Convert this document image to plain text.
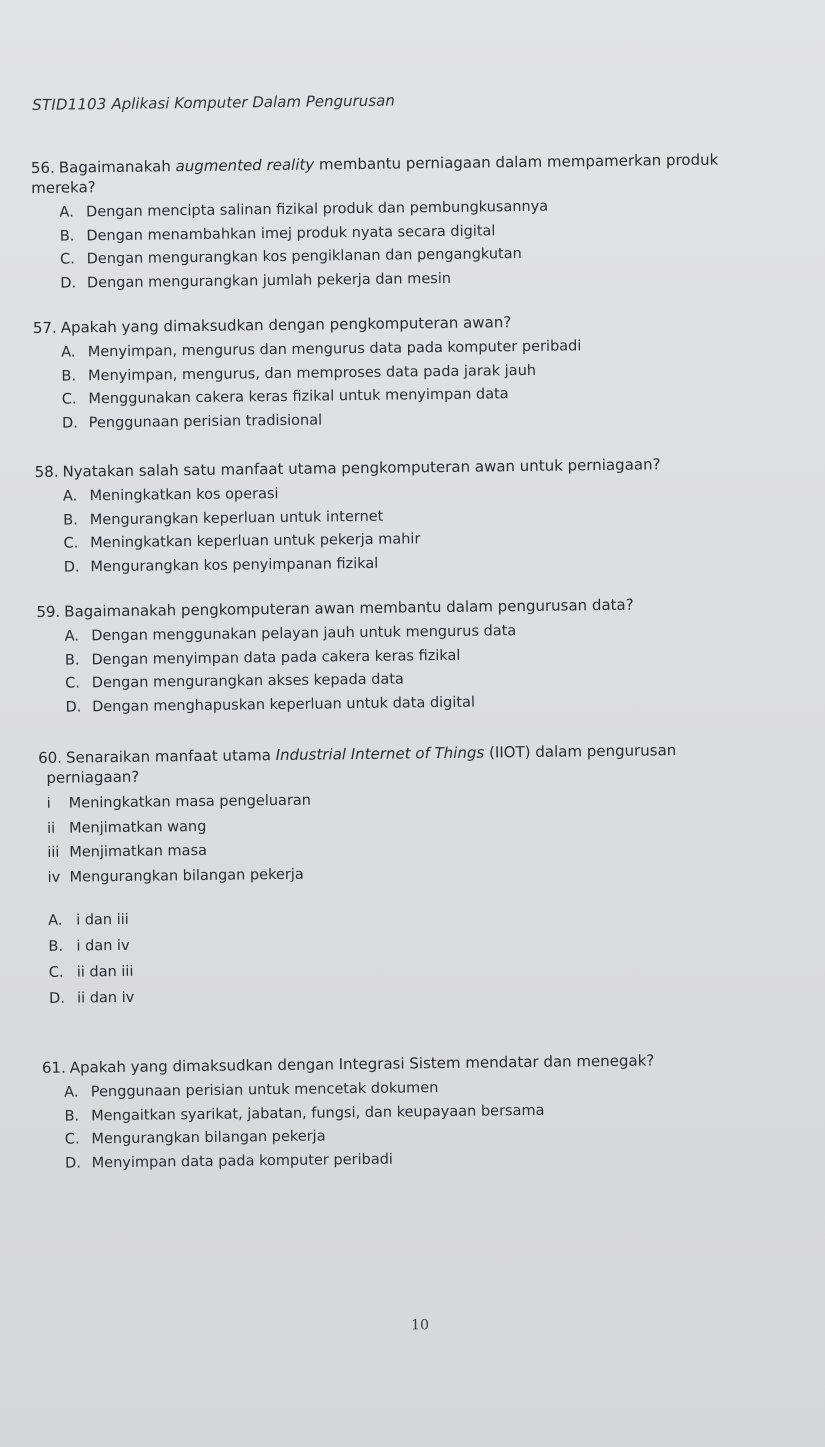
STID1103 Aplikasi Komputer Dalam Pengurusan
56. Bagaimanakah augmented reality membantu perniagaan dalam mempamerkan produk
mereka?
A. Dengan mencipta salinan fizikal produk dan pembungkusannya
B. Dengan menambahkan imej produk nyata secara digital
C. Dengan mengurangkan kos pengiklanan dan pengangkutan
D. Dengan mengurangkan jumlah pekerja dan mesin
57. Apakah yang dimaksudkan dengan pengkomputeran awan?
A. Menyimpan, mengurus dan mengurus data pada komputer peribadi
B. Menyimpan, mengurus, dan memproses data pada jarak jauh
C. Menggunakan cakera keras fizikal untuk menyimpan data
D. Penggunaan perisian tradisional
58. Nyatakan salah satu manfaat utama pengkomputeran awan untuk perniagaan?
A. Meningkatkan kos operasi
B. Mengurangkan keperluan untuk internet
C. Meningkatkan keperluan untuk pekerja mahir
D. Mengurangkan kos penyimpanan fizikal
59. Bagaimanakah pengkomputeran awan membantu dalam pengurusan data?
A. Dengan menggunakan pelayan jauh untuk mengurus data
B. Dengan menyimpan data pada cakera keras fizikal
C. Dengan mengurangkan akses kepada data
D. Dengan menghapuskan keperluan untuk data digital
60. Senaraikan manfaat utama Industrial Internet of Things (IIOT) dalam pengurusan
perniagaan?
i Meningkatkan masa pengeluaran
ii Menjimatkan wang
iii Menjimatkan masa
iv Mengurangkan bilangan pekerja
A. i dan iii
B. i dan iv
C. ii dan iii
D. ii dan iv
61. Apakah yang dimaksudkan dengan Integrasi Sistem mendatar dan menegak?
A. Penggunaan perisian untuk mencetak dokumen
B. Mengaitkan syarikat, jabatan, fungsi, dan keupayaan bersama
C. Mengurangkan bilangan pekerja
D. Menyimpan data pada komputer peribadi
10
